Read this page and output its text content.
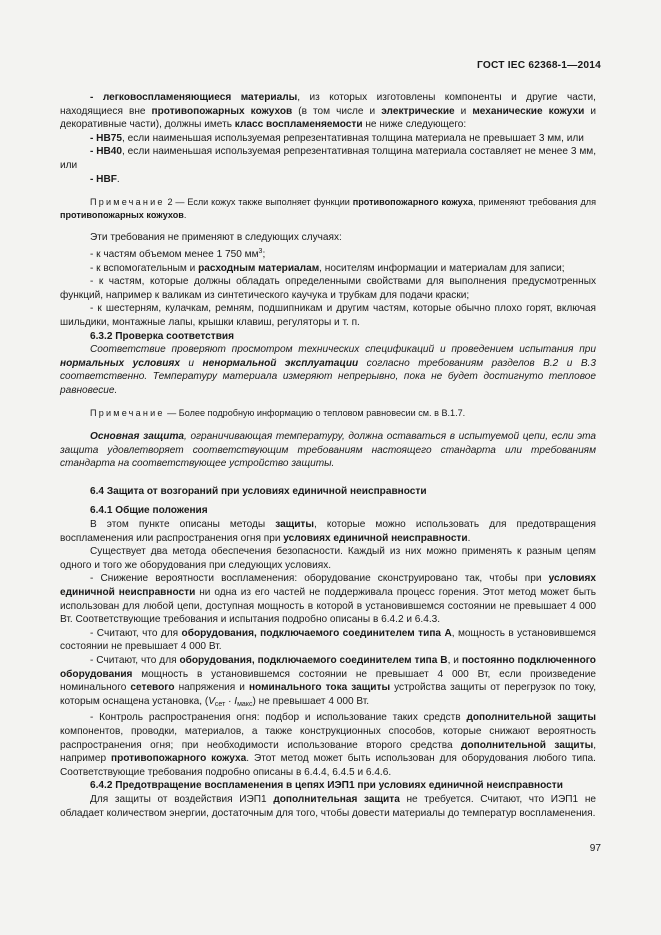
ГОСТ IEC 62368-1—2014

- легковоспламеняющиеся материалы, из которых изготовлены компоненты и другие части, находящиеся вне противопожарных кожухов (в том числе и электрические и механические кожухи и декоративные части), должны иметь класс воспламеняемости не ниже следующего:

- НВ75, если наименьшая используемая репрезентативная толщина материала не превышает 3 мм, или

- НВ40, если наименьшая используемая репрезентативная толщина материала составляет не менее 3 мм, или

- HBF.

Примечание 2 — Если кожух также выполняет функции противопожарного кожуха, применяют требования для противопожарных кожухов.

Эти требования не применяют в следующих случаях:

- к частям объемом менее 1 750 $мм^3$;

- к вспомогательным и расходным материалам, носителям информации и материалам для записи;

- к частям, которые должны обладать определенными свойствами для выполнения предусмотренных функций, например к валикам из синтетического каучука и трубкам для подачи краски;

- к шестерням, кулачкам, ремням, подшипникам и другим частям, которые обычно плохо горят, включая шильдики, монтажные лапы, крышки клавиш, регуляторы и т. п.

6.3.2 Проверка соответствия

Соответствие проверяют просмотром технических спецификаций и проведением испытания при нормальных условиях и ненормальной эксплуатации согласно требованиям разделов В.2 и В.3 соответственно. Температуру материала измеряют непрерывно, пока не будет достигнуто тепловое равновесие.

Примечание — Более подробную информацию о тепловом равновесии см. в В.1.7.

Основная защита, ограничивающая температуру, должна оставаться в испытуемой цепи, если эта защита удовлетворяет соответствующим требованиям настоящего стандарта или требованиям стандарта на соответствующее устройство защиты.

6.4 Защита от возгораний при условиях единичной неисправности

6.4.1 Общие положения

В этом пункте описаны методы защиты, которые можно использовать для предотвращения воспламенения или распространения огня при условиях единичной неисправности.

Существует два метода обеспечения безопасности. Каждый из них можно применять к разным цепям одного и того же оборудования при следующих условиях.

- Снижение вероятности воспламенения: оборудование сконструировано так, чтобы при условиях единичной неисправности ни одна из его частей не поддерживала процесс горения. Этот метод может быть использован для любой цепи, доступная мощность в которой в установившемся состоянии не превышает 4 000 Вт. Соответствующие требования и испытания подробно описаны в 6.4.2 и 6.4.3.

- Считают, что для оборудования, подключаемого соединителем типа А, мощность в установившемся состоянии не превышает 4 000 Вт.

- Считают, что для оборудования, подключаемого соединителем типа В, и постоянно подключенного оборудования мощность в установившемся состоянии не превышает 4 000 Вт, если произведение номинального сетевого напряжения и номинального тока защиты устройства защиты от перегрузок по току, которым оснащена установка, $(V_{сет} \cdot I_{макс})$ не превышает 4 000 Вт.

- Контроль распространения огня: подбор и использование таких средств дополнительной защиты компонентов, проводки, материалов, а также конструкционных способов, которые снижают вероятность распространения огня; при необходимости использование второго средства дополнительной защиты, например противопожарного кожуха. Этот метод может быть использован для оборудования любого типа. Соответствующие требования подробно описаны в 6.4.4, 6.4.5 и 6.4.6.

6.4.2 Предотвращение воспламенения в цепях ИЭП1 при условиях единичной неисправности

Для защиты от воздействия ИЭП1 дополнительная защита не требуется. Считают, что ИЭП1 не обладает количеством энергии, достаточным для того, чтобы довести материалы до температур воспламенения.

97
